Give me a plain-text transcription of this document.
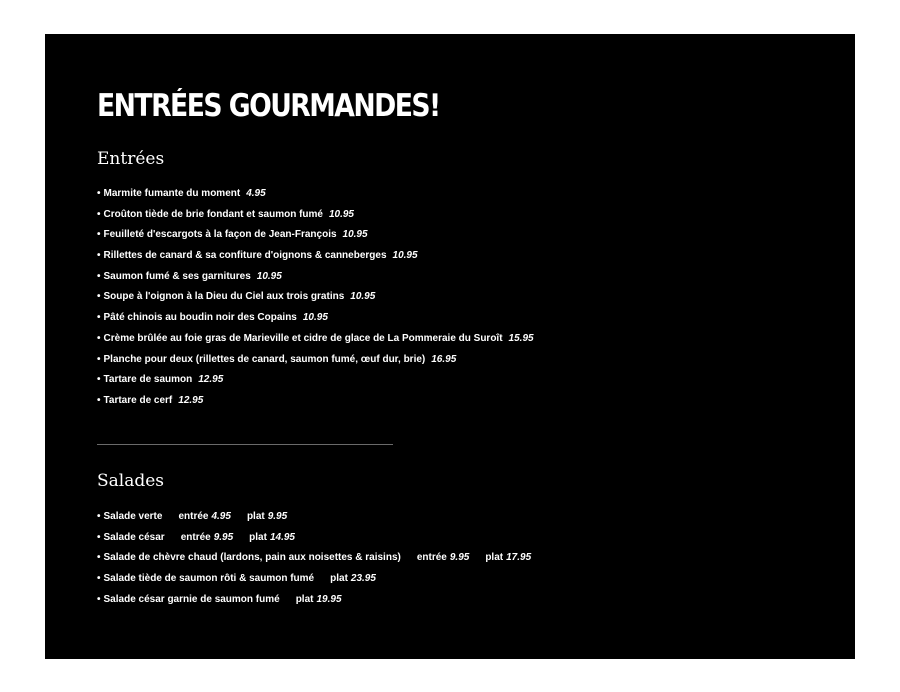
ENTRÉES GOURMANDES!
Entrées
• Marmite fumante du moment 4.95
• Croûton tiède de brie fondant et saumon fumé 10.95
• Feuilleté d'escargots à la façon de Jean-François 10.95
• Rillettes de canard & sa confiture d'oignons & canneberges 10.95
• Saumon fumé & ses garnitures 10.95
• Soupe à l'oignon à la Dieu du Ciel aux trois gratins 10.95
• Pâté chinois au boudin noir des Copains 10.95
• Crème brûlée au foie gras de Marieville et cidre de glace de La Pommeraie du Suroît 15.95
• Planche pour deux (rillettes de canard, saumon fumé, œuf dur, brie) 16.95
• Tartare de saumon 12.95
• Tartare de cerf 12.95
Salades
• Salade verte entrée 4.95 plat 9.95
• Salade césar entrée 9.95 plat 14.95
• Salade de chèvre chaud (lardons, pain aux noisettes & raisins) entrée 9.95 plat 17.95
• Salade tiède de saumon rôti & saumon fumé plat 23.95
• Salade césar garnie de saumon fumé plat 19.95
